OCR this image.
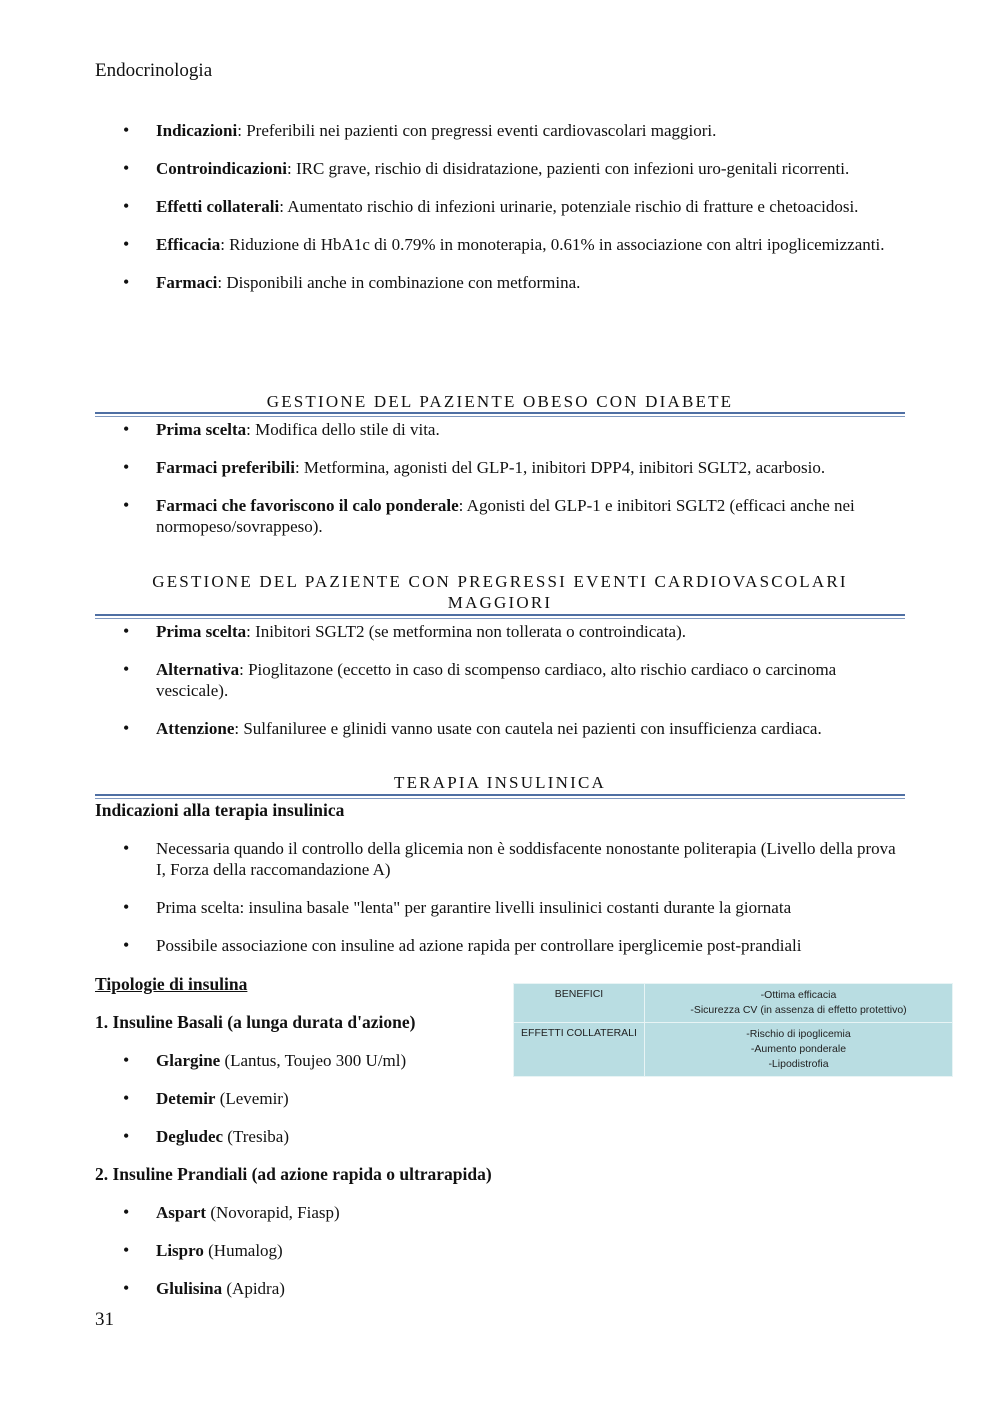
Endocrinologia
• Indicazioni: Preferibili nei pazienti con pregressi eventi cardiovascolari maggiori.
• Controindicazioni: IRC grave, rischio di disidratazione, pazienti con infezioni uro-genitali ricorrenti.
• Effetti collaterali: Aumentato rischio di infezioni urinarie, potenziale rischio di fratture e chetoacidosi.
• Efficacia: Riduzione di HbA1c di 0.79% in monoterapia, 0.61% in associazione con altri ipoglicemizzanti.
• Farmaci: Disponibili anche in combinazione con metformina.
GESTIONE DEL PAZIENTE OBESO CON DIABETE
• Prima scelta: Modifica dello stile di vita.
• Farmaci preferibili: Metformina, agonisti del GLP-1, inibitori DPP4, inibitori SGLT2, acarbosio.
• Farmaci che favoriscono il calo ponderale: Agonisti del GLP-1 e inibitori SGLT2 (efficaci anche nei normopeso/sovrappeso).
GESTIONE DEL PAZIENTE CON PREGRESSI EVENTI CARDIOVASCOLARI
MAGGIORI
• Prima scelta: Inibitori SGLT2 (se metformina non tollerata o controindicata).
• Alternativa: Pioglitazone (eccetto in caso di scompenso cardiaco, alto rischio cardiaco o carcinoma vescicale).
• Attenzione: Sulfaniluree e glinidi vanno usate con cautela nei pazienti con insufficienza cardiaca.
TERAPIA INSULINICA
Indicazioni alla terapia insulinica
• Necessaria quando il controllo della glicemia non è soddisfacente nonostante politerapia (Livello della prova I, Forza della raccomandazione A)
• Prima scelta: insulina basale "lenta" per garantire livelli insulinici costanti durante la giornata
• Possibile associazione con insuline ad azione rapida per controllare iperglicemie post-prandiali
Tipologie di insulina
1. Insuline Basali (a lunga durata d'azione)
• Glargine (Lantus, Toujeo 300 U/ml)
• Detemir (Levemir)
• Degludec (Tresiba)
2. Insuline Prandiali (ad azione rapida o ultrarapida)
• Aspart (Novorapid, Fiasp)
• Lispro (Humalog)
• Glulisina (Apidra)
BENEFICI	-Ottima efficacia
-Sicurezza CV (in assenza di effetto protettivo)

EFFETTI COLLATERALI	-Rischio di ipoglicemia
-Aumento ponderale
-Lipodistrofia
31
